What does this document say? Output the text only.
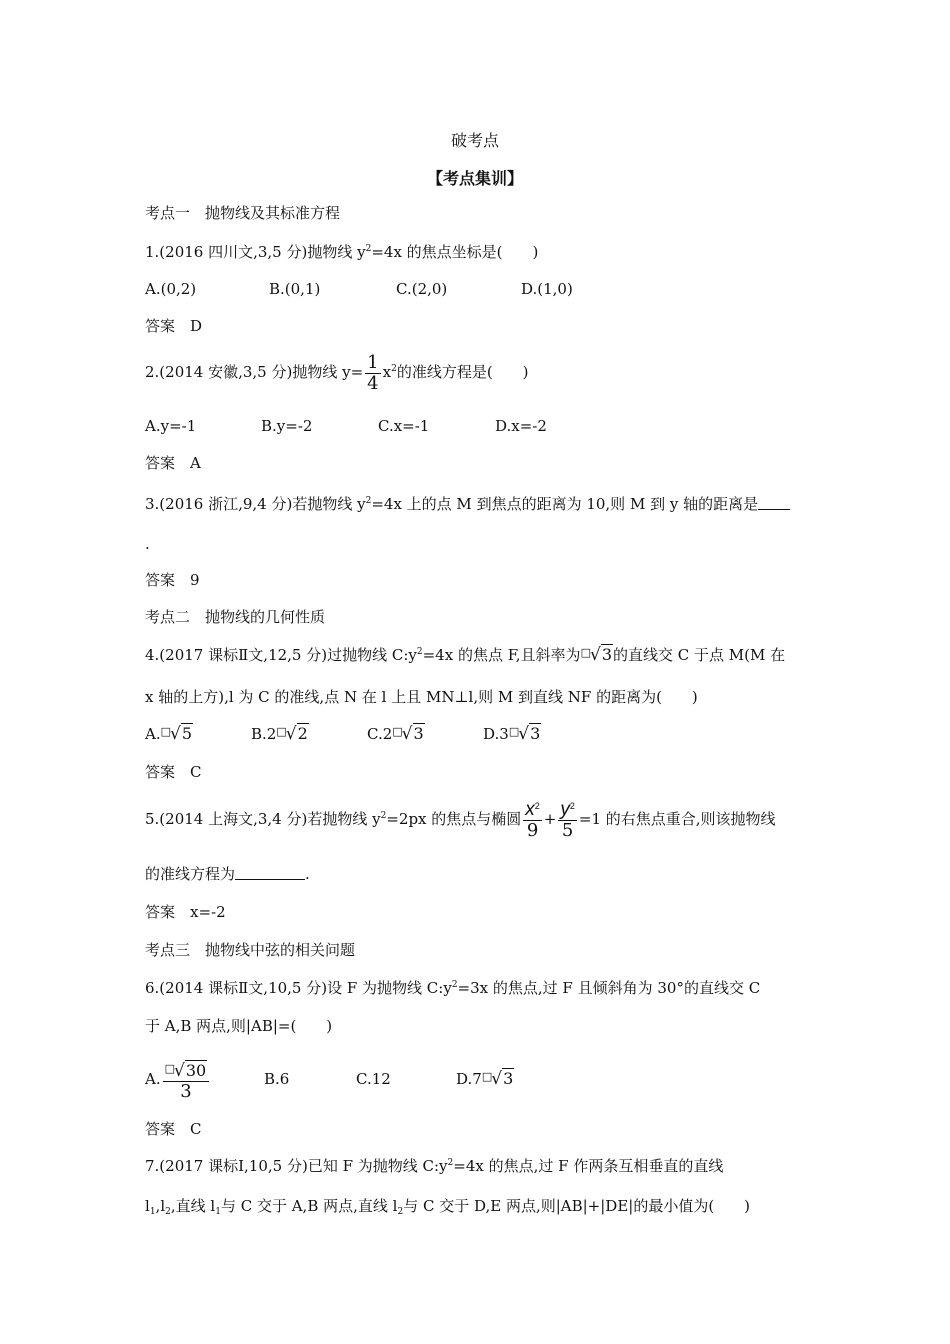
破考点
【考点集训】
考点一　抛物线及其标准方程
1.(2016 四川文,3,5 分)抛物线 $y^2=4x$ 的焦点坐标是(　　)
A.(0,2)	B.(0,1)	C.(2,0)	D.(1,0)
答案　D
2.(2014 安徽,3,5 分)抛物线 $y= \frac{1}{4} x^2$的准线方程是(　　)
A.y=-1	B.y=-2	C.x=-1	D.x=-2
答案　A
3.(2016 浙江,9,4 分)若抛物线 $y^2=4x$ 上的点 M 到焦点的距离为 10,则 M 到 y 轴的距离是
.
答案　9
考点二　抛物线的几何性质
4.(2017 课标Ⅱ文,12,5 分)过抛物线 $C:y^2=4x$ 的焦点 F,且斜率为□√3的直线交 C 于点 M(M 在
x 轴的上方),l 为 C 的准线,点 N 在 l 上且 MN⊥l,则 M 到直线 NF 的距离为(　　)
A.□√5	B.2□√2	C.2□√3	D.3□√3
答案　C
5.(2014 上海文,3,4 分)若抛物线 $y^2=2px$ 的焦点与椭圆 $\frac{x^2}{9} + \frac{y^2}{5} =1$ 的右焦点重合,则该抛物线
的准线方程为	.
答案　x=-2
考点三　抛物线中弦的相关问题
6.(2014 课标Ⅱ文,10,5 分)设 F 为抛物线 $C:y^2=3x$ 的焦点,过 F 且倾斜角为 30°的直线交 C
于 A,B 两点,则|AB|=(　　)
A. $\frac{^□√30}{3}$	B.6	C.12	D.7□√3
答案　C
7.(2017 课标Ⅰ,10,5 分)已知 F 为抛物线 $C:y^2=4x$ 的焦点,过 F 作两条互相垂直的直线
$l_1,l_2$,直线 $l_1$与 C 交于 A,B 两点,直线 $l_2$与 C 交于 D,E 两点,则|AB|+|DE|的最小值为(　　)
